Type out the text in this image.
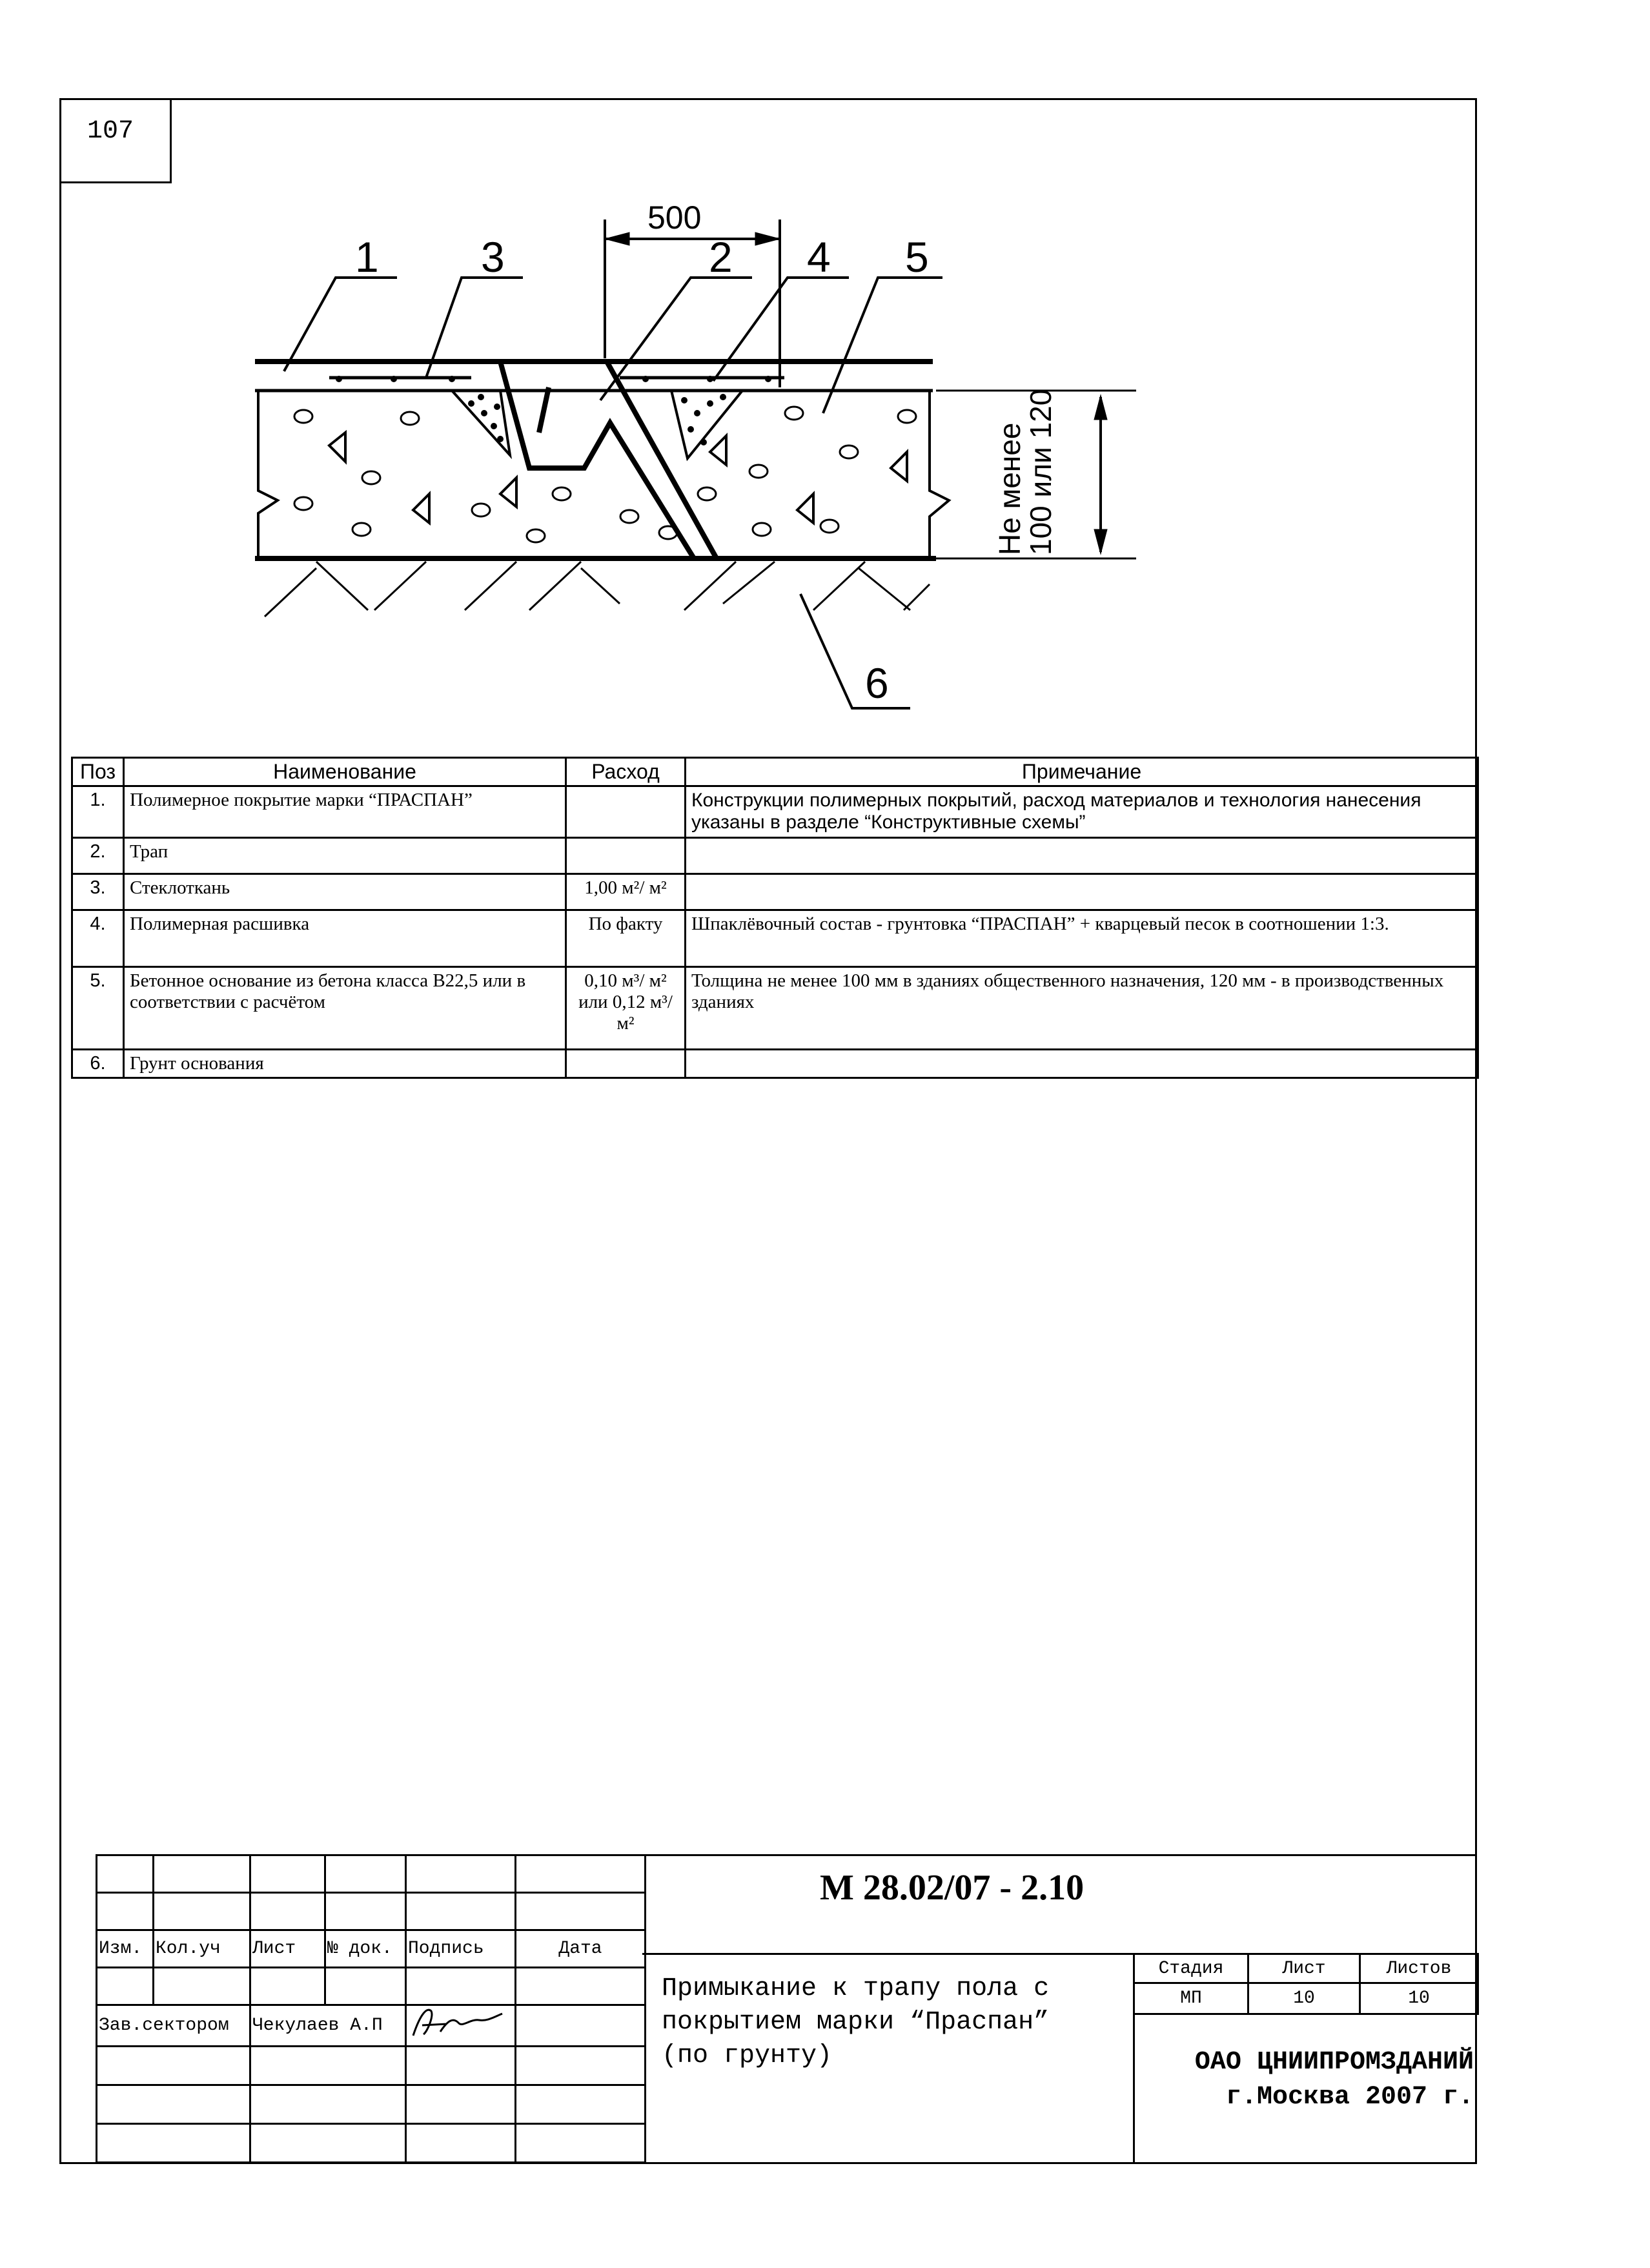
107
500
1 3	2 4 5
6
Не менее
100 или 120
Поз	Наименование	Расход	Примечание
1.	Полимерное покрытие марки “ПРАСПАН”		Конструкции полимерных покрытий, расход материалов и технология нанесения указаны в разделе “Конструктивные схемы”
2.	Трап		
3.	Стеклоткань	1,00 м²/ м²	
4.	Полимерная расшивка	По факту	Шпаклёвочный состав - грунтовка “ПРАСПАН” + кварцевый песок в соотношении 1:3.
5.	Бетонное основание из бетона класса В22,5 или в соответствии с расчётом	0,10 м³/ м² или 0,12 м³/ м²	Толщина не менее 100 мм в зданиях общественного назначения, 120 мм - в производственных зданиях
6.	Грунт основания		

Изм.	Кол.уч	Лист	№ док.	Подпись	Дата

Зав.сектором		Чекулаев А.П		

М 28.02/07 - 2.10
Примыкание к трапу пола с
покрытием марки “Праспан”
(по грунту)
Стадия	Лист	Листов
МП	10	10
ОАО ЦНИИПРОМЗДАНИЙ
г.Москва 2007 г.
